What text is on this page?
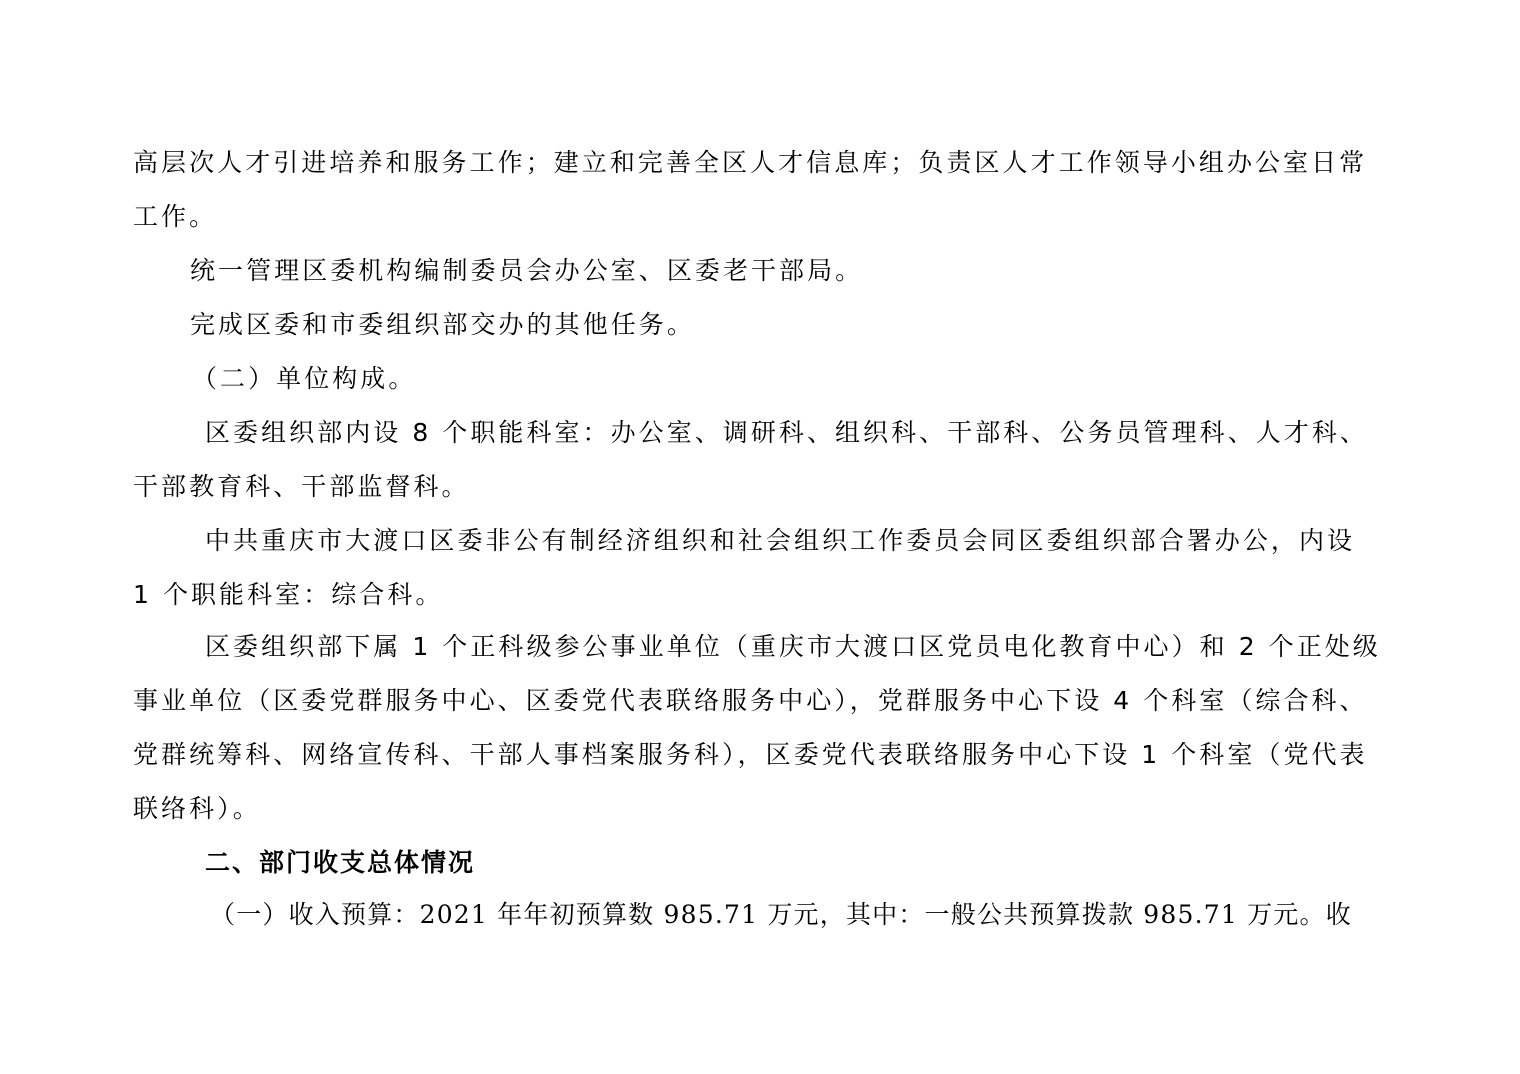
高层次人才引进培养和服务工作；建立和完善全区人才信息库；负责区人才工作领导小组办公室日常
工作。
统一管理区委机构编制委员会办公室、区委老干部局。
完成区委和市委组织部交办的其他任务。
（二）单位构成。
区委组织部内设 8 个职能科室：办公室、调研科、组织科、干部科、公务员管理科、人才科、
干部教育科、干部监督科。
中共重庆市大渡口区委非公有制经济组织和社会组织工作委员会同区委组织部合署办公，内设
1 个职能科室：综合科。
区委组织部下属 1 个正科级参公事业单位（重庆市大渡口区党员电化教育中心）和 2 个正处级
事业单位（区委党群服务中心、区委党代表联络服务中心），党群服务中心下设 4 个科室（综合科、
党群统筹科、网络宣传科、干部人事档案服务科），区委党代表联络服务中心下设 1 个科室（党代表
联络科）。
二、部门收支总体情况
（一）收入预算：2021 年年初预算数 985.71 万元，其中：一般公共预算拨款 985.71 万元。收
